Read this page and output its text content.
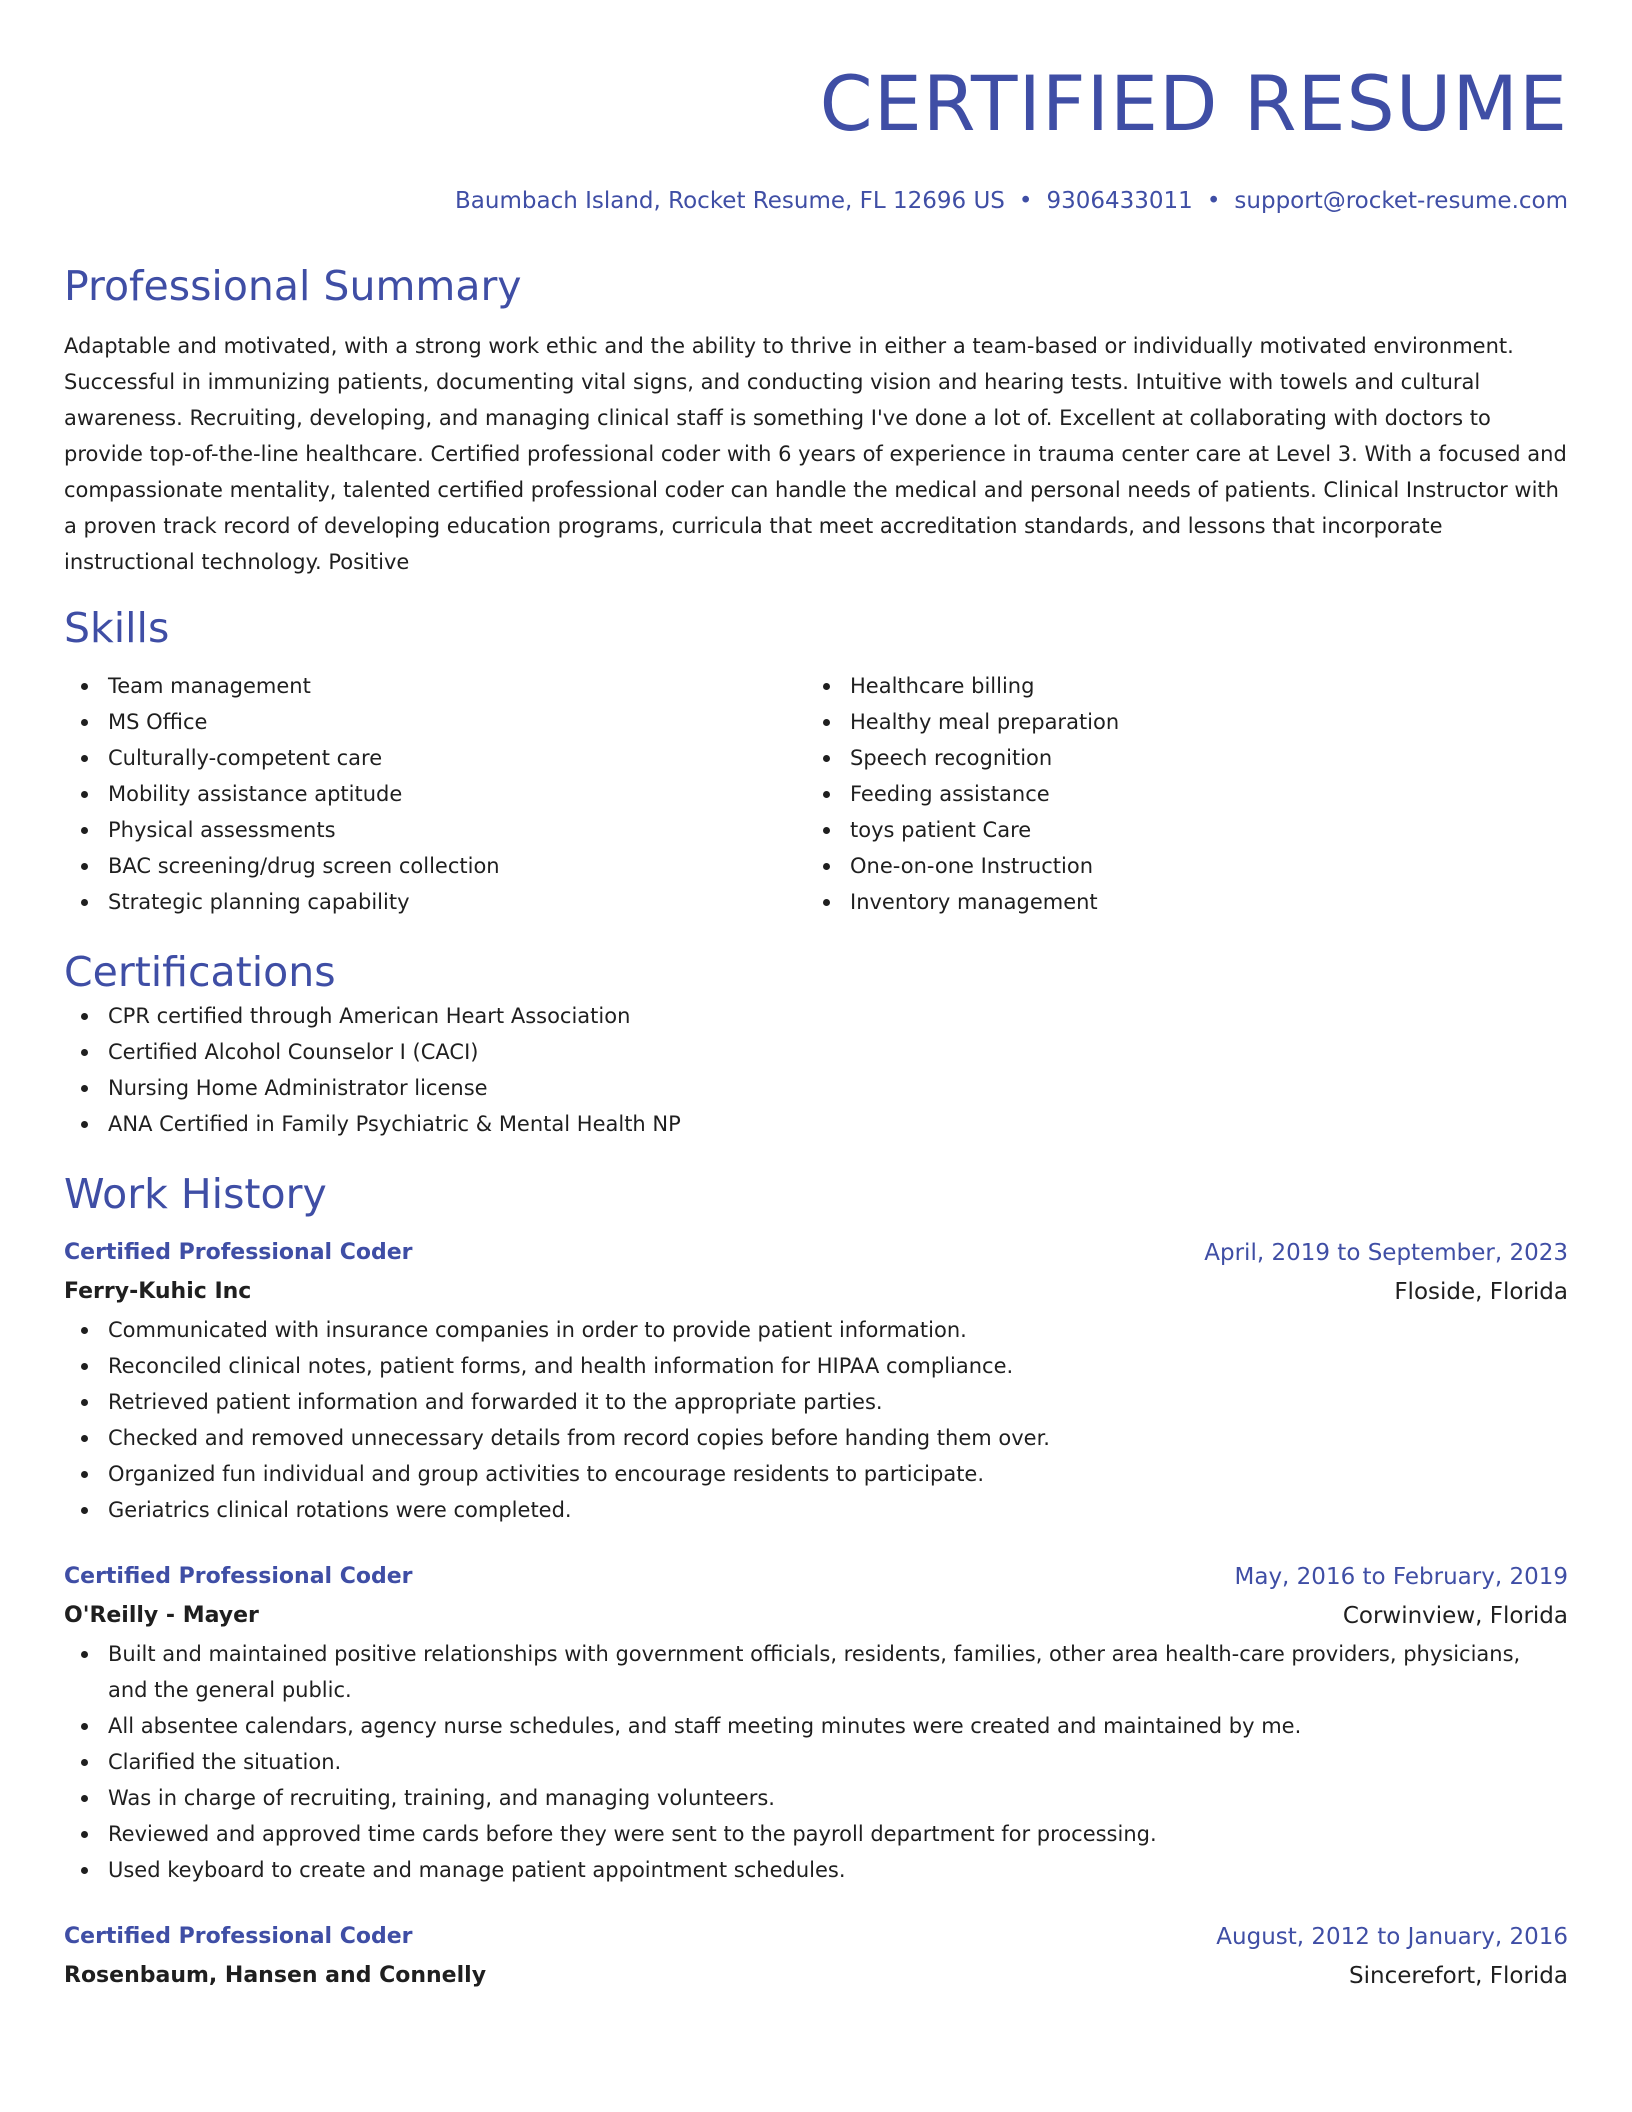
CERTIFIED RESUME
Baumbach Island, Rocket Resume, FL 12696 US • 9306433011 • support@rocket-resume.com
Professional Summary
Adaptable and motivated, with a strong work ethic and the ability to thrive in either a team-based or individually motivated environment. Successful in immunizing patients, documenting vital signs, and conducting vision and hearing tests. Intuitive with towels and cultural awareness. Recruiting, developing, and managing clinical staff is something I've done a lot of. Excellent at collaborating with doctors to provide top-of-the-line healthcare. Certified professional coder with 6 years of experience in trauma center care at Level 3. With a focused and compassionate mentality, talented certified professional coder can handle the medical and personal needs of patients. Clinical Instructor with a proven track record of developing education programs, curricula that meet accreditation standards, and lessons that incorporate instructional technology. Positive
Skills
Team management
MS Office
Culturally-competent care
Mobility assistance aptitude
Physical assessments
BAC screening/drug screen collection
Strategic planning capability
Healthcare billing
Healthy meal preparation
Speech recognition
Feeding assistance
toys patient Care
One-on-one Instruction
Inventory management
Certifications
CPR certified through American Heart Association
Certified Alcohol Counselor I (CACI)
Nursing Home Administrator license
ANA Certified in Family Psychiatric & Mental Health NP
Work History
Certified Professional Coder	April, 2019 to September, 2023
Ferry-Kuhic Inc	Floside, Florida
Communicated with insurance companies in order to provide patient information.
Reconciled clinical notes, patient forms, and health information for HIPAA compliance.
Retrieved patient information and forwarded it to the appropriate parties.
Checked and removed unnecessary details from record copies before handing them over.
Organized fun individual and group activities to encourage residents to participate.
Geriatrics clinical rotations were completed.
Certified Professional Coder	May, 2016 to February, 2019
O'Reilly - Mayer	Corwinview, Florida
Built and maintained positive relationships with government officials, residents, families, other area health-care providers, physicians, and the general public.
All absentee calendars, agency nurse schedules, and staff meeting minutes were created and maintained by me.
Clarified the situation.
Was in charge of recruiting, training, and managing volunteers.
Reviewed and approved time cards before they were sent to the payroll department for processing.
Used keyboard to create and manage patient appointment schedules.
Certified Professional Coder	August, 2012 to January, 2016
Rosenbaum, Hansen and Connelly	Sincerefort, Florida
